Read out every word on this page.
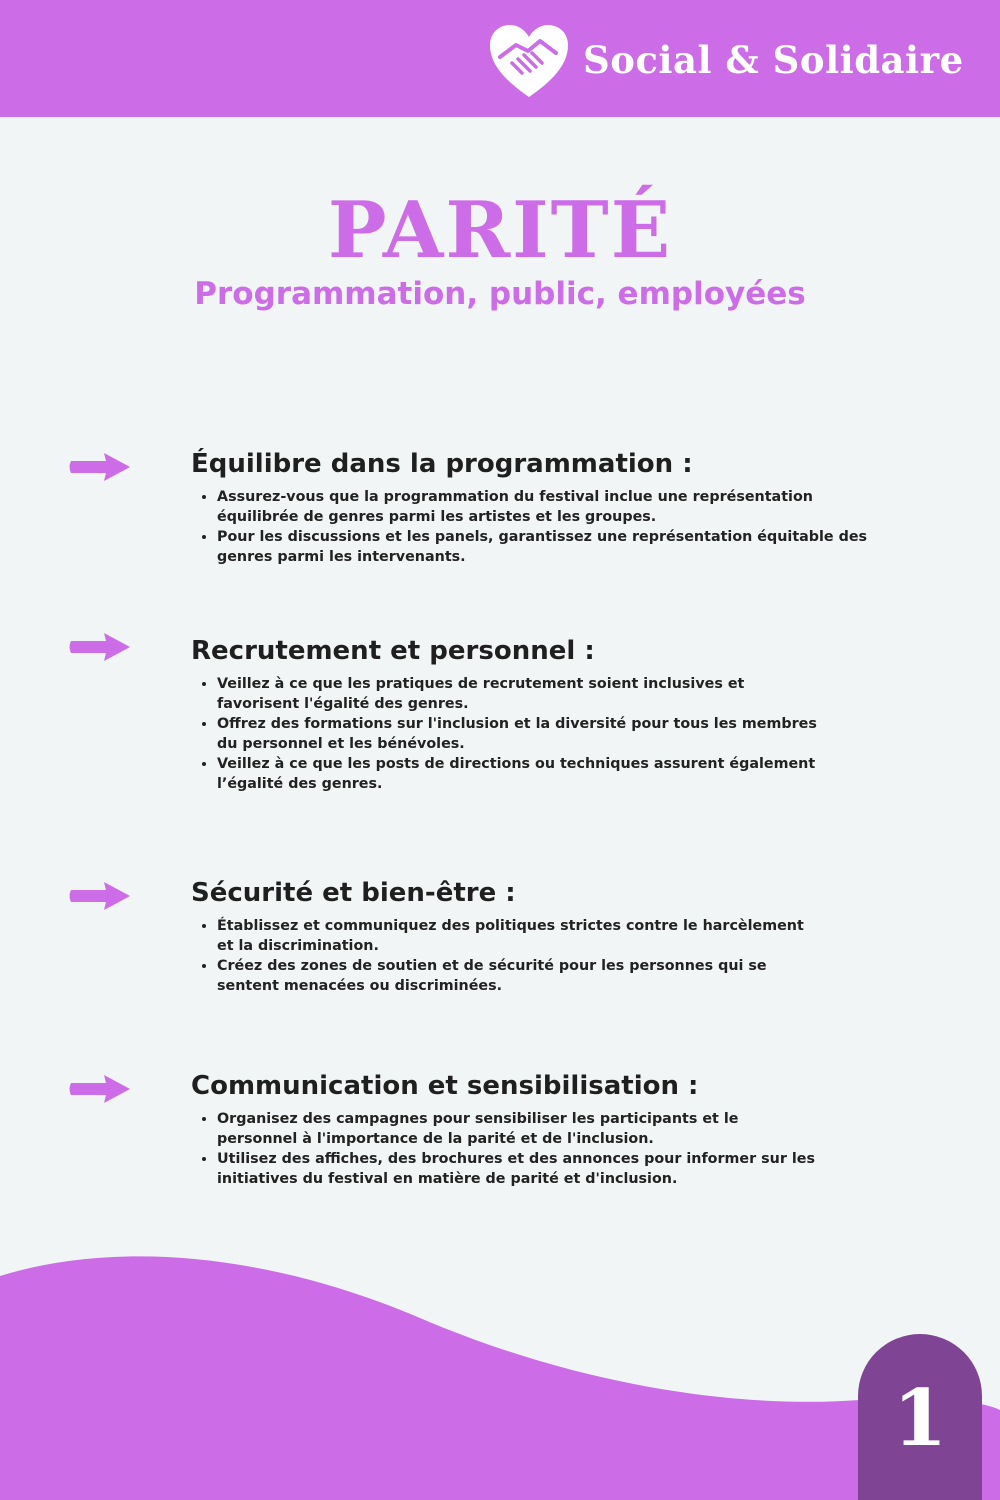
Social & Solidaire
PARITÉ
Programmation, public, employées
Équilibre dans la programmation :
Assurez-vous que la programmation du festival inclue une représentation équilibrée de genres parmi les artistes et les groupes.
Pour les discussions et les panels, garantissez une représentation équitable des genres parmi les intervenants.
Recrutement et personnel :
Veillez à ce que les pratiques de recrutement soient inclusives et favorisent l'égalité des genres.
Offrez des formations sur l'inclusion et la diversité pour tous les membres du personnel et les bénévoles.
Veillez à ce que les posts de directions ou techniques assurent également l’égalité des genres.
Sécurité et bien-être :
Établissez et communiquez des politiques strictes contre le harcèlement et la discrimination.
Créez des zones de soutien et de sécurité pour les personnes qui se sentent menacées ou discriminées.
Communication et sensibilisation :
Organisez des campagnes pour sensibiliser les participants et le personnel à l'importance de la parité et de l'inclusion.
Utilisez des affiches, des brochures et des annonces pour informer sur les initiatives du festival en matière de parité et d'inclusion.
1
